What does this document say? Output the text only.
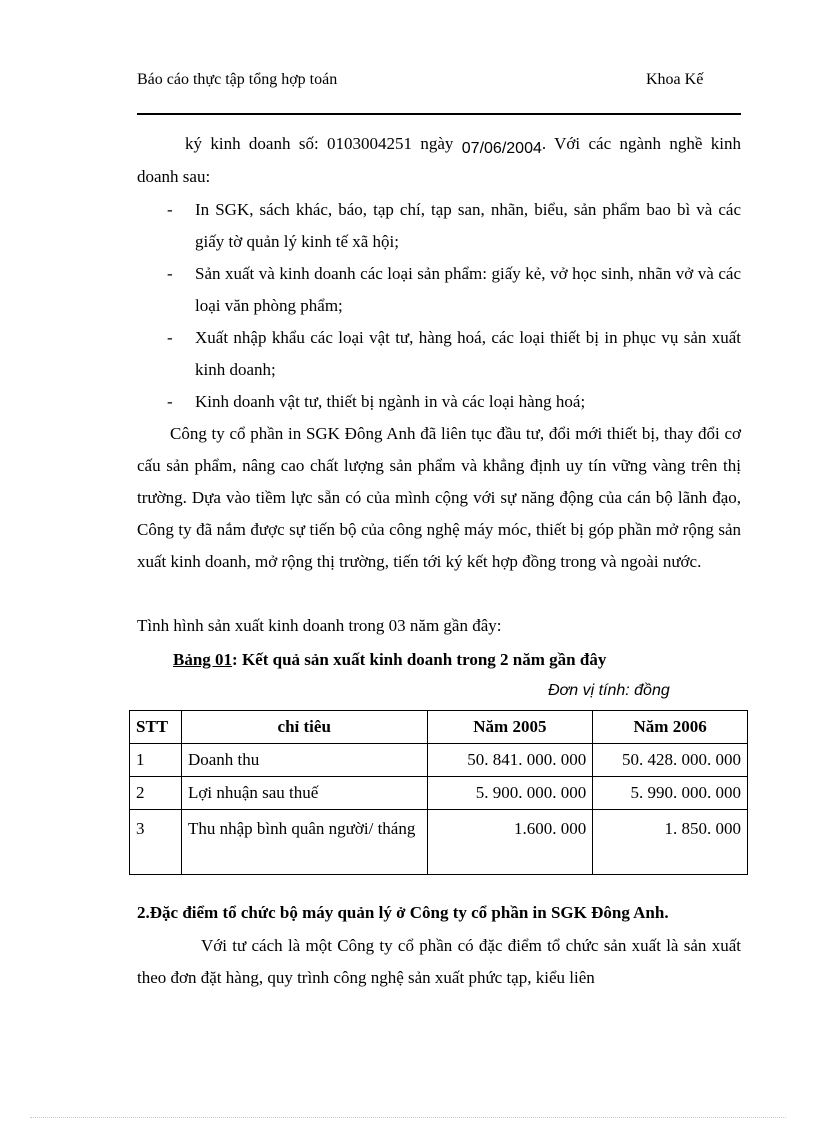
Báo cáo thực tập tổng hợp toán	Khoa Kế
ký kinh doanh số: 0103004251 ngày 07/06/2004. Với các ngành nghề kinh doanh sau:
- In SGK, sách khác, báo, tạp chí, tạp san, nhãn, biểu, sản phẩm bao bì và các giấy tờ quản lý kinh tế xã hội;
- Sản xuất và kinh doanh các loại sản phẩm: giấy kẻ, vở học sinh, nhãn vở và các loại văn phòng phẩm;
- Xuất nhập khẩu các loại vật tư, hàng hoá, các loại thiết bị in phục vụ sản xuất kinh doanh;
- Kinh doanh vật tư, thiết bị ngành in và các loại hàng hoá;
Công ty cổ phần in SGK Đông Anh đã liên tục đầu tư, đổi mới thiết bị, thay đổi cơ cấu sản phẩm, nâng cao chất lượng sản phẩm và khẳng định uy tín vững vàng trên thị trường. Dựa vào tiềm lực sẵn có của mình cộng với sự năng động của cán bộ lãnh đạo, Công ty đã nắm được sự tiến bộ của công nghệ máy móc, thiết bị góp phần mở rộng sản xuất kinh doanh, mở rộng thị trường, tiến tới ký kết hợp đồng trong và ngoài nước.
Tình hình sản xuất kinh doanh trong 03 năm gần đây:
Bảng 01: Kết quả sản xuất kinh doanh trong 2 năm gần đây
Đơn vị tính: đồng
STT	chỉ tiêu	Năm 2005	Năm 2006
1	Doanh thu	50. 841. 000. 000	50. 428. 000. 000
2	Lợi nhuận sau thuế	5. 900. 000. 000	5. 990. 000. 000
3	Thu nhập bình quân người/ tháng	1.600. 000	1. 850. 000
2.Đặc điểm tổ chức bộ máy quản lý ở Công ty cổ phần in SGK Đông Anh.
Với tư cách là một Công ty cổ phần có đặc điểm tổ chức sản xuất là sản xuất theo đơn đặt hàng, quy trình công nghệ sản xuất phức tạp, kiểu liên
